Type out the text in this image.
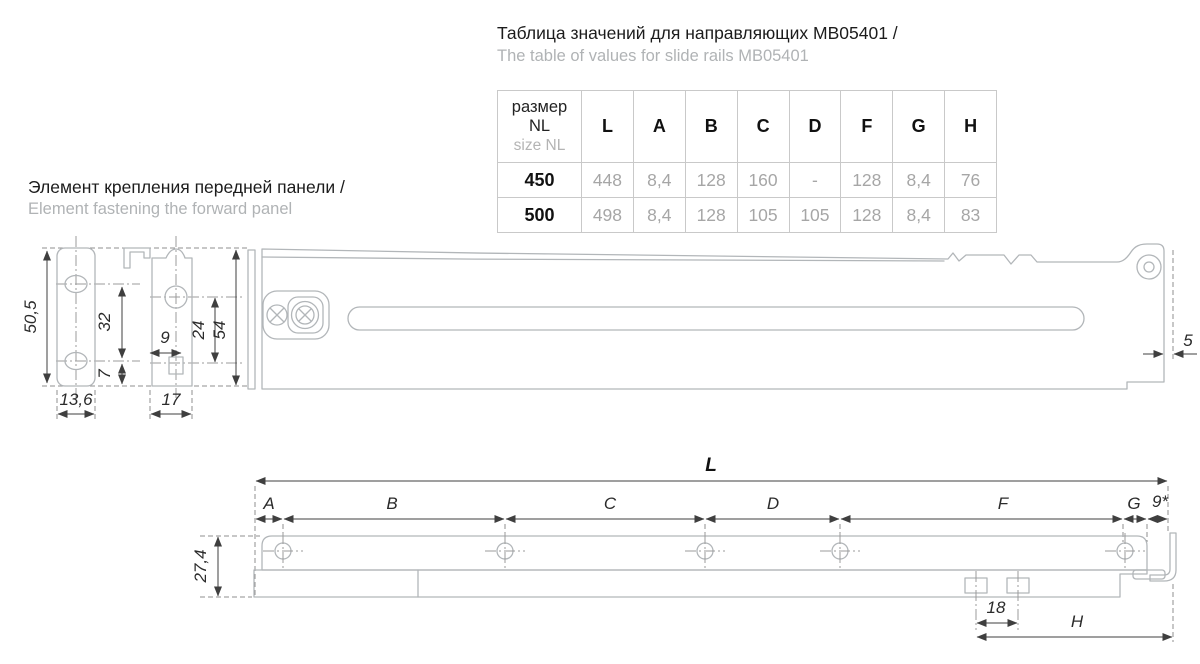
50,5
13,6
32
7
9 24 54
17
5
L
A	B	C	D	F	G 9*
27,4
18
H
Таблица значений для направляющих МВ05401 /
The table of values for slide rails MB05401
Элемент крепления передней панели /
Element fastening the forward panel
размер
NL
size NL	L	A	B	C	D	F	G	H
450	448	8,4	128	160	-	128	8,4	76
500	498	8,4	128	105	105	128	8,4	83
